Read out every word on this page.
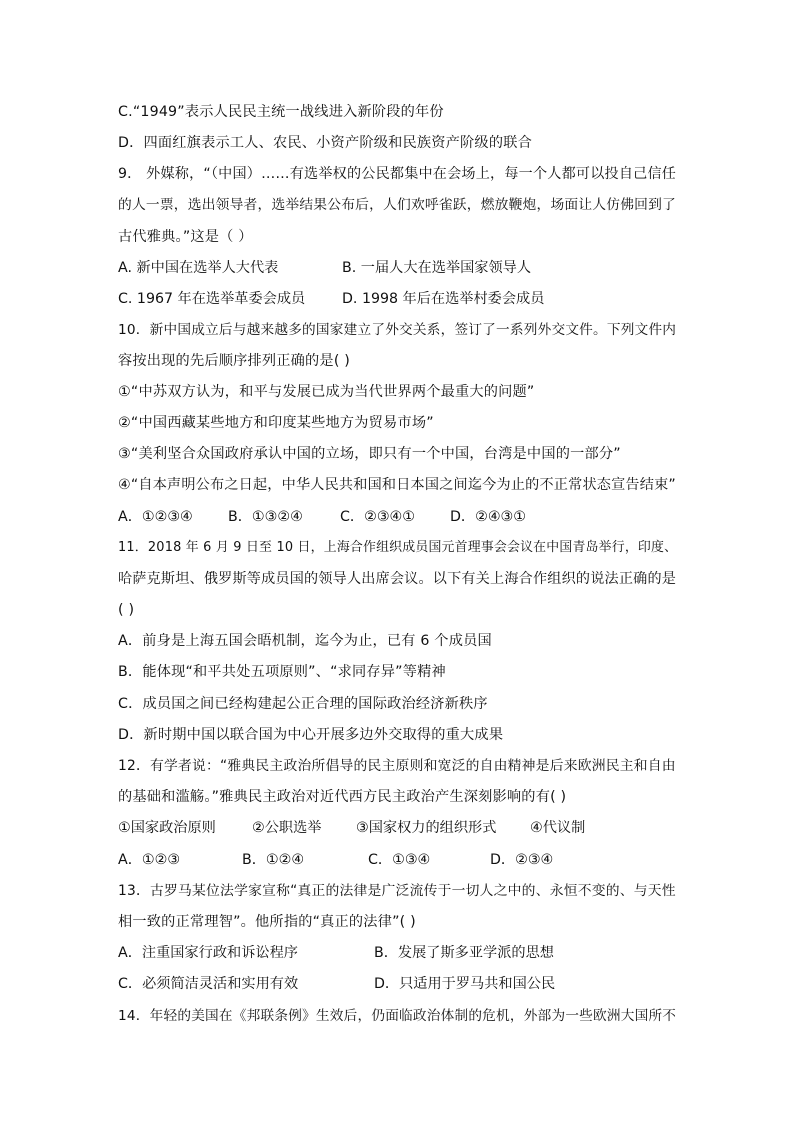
C.“1949”表示人民民主统一战线进入新阶段的年份
D．四面红旗表示工人、农民、小资产阶级和民族资产阶级的联合
9． 外媒称，“（中国）……有选举权的公民都集中在会场上，每一个人都可以投自己信任
的人一票，选出领导者，选举结果公布后，人们欢呼雀跃，燃放鞭炮，场面让人仿佛回到了
古代雅典。”这是（ ）
A. 新中国在选举人大代表	B. 一届人大在选举国家领导人
C. 1967 年在选举革委会成员	D. 1998 年后在选举村委会成员
10．新中国成立后与越来越多的国家建立了外交关系，签订了一系列外交文件。下列文件内
容按出现的先后顺序排列正确的是( )
①“中苏双方认为，和平与发展已成为当代世界两个最重大的问题”
②“中国西藏某些地方和印度某些地方为贸易市场”
③“美利坚合众国政府承认中国的立场，即只有一个中国，台湾是中国的一部分”
④“自本声明公布之日起，中华人民共和国和日本国之间迄今为止的不正常状态宣告结束”
A．①②③④ B．①③②④	C．②③④① D．②④③①
11．2018 年 6 月 9 日至 10 日，上海合作组织成员国元首理事会会议在中国青岛举行，印度、
哈萨克斯坦、俄罗斯等成员国的领导人出席会议。以下有关上海合作组织的说法正确的是
( )
A．前身是上海五国会晤机制，迄今为止，已有 6 个成员国
B．能体现“和平共处五项原则”、“求同存异”等精神
C．成员国之间已经构建起公正合理的国际政治经济新秩序
D．新时期中国以联合国为中心开展多边外交取得的重大成果
12．有学者说：“雅典民主政治所倡导的民主原则和宽泛的自由精神是后来欧洲民主和自由
的基础和滥觞。”雅典民主政治对近代西方民主政治产生深刻影响的有( )
①国家政治原则	②公职选举 ③国家权力的组织形式 ④代议制
A．①②③	B．①②④	C．①③④	D．②③④
13．古罗马某位法学家宣称“真正的法律是广泛流传于一切人之中的、永恒不变的、与天性
相一致的正常理智”。他所指的“真正的法律”( )
A．注重国家行政和诉讼程序	B．发展了斯多亚学派的思想
C．必须简洁灵活和实用有效	D．只适用于罗马共和国公民
14．年轻的美国在《邦联条例》生效后，仍面临政治体制的危机，外部为一些欧洲大国所不
